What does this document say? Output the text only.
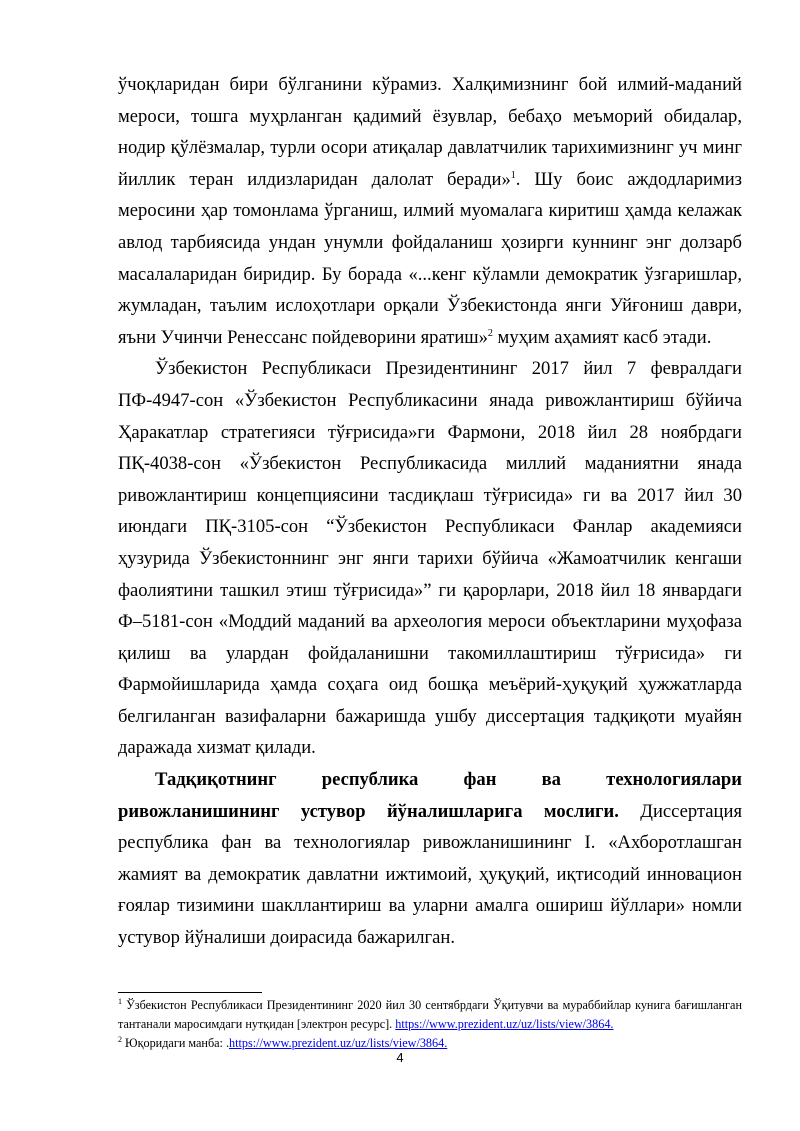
ўчоқларидан бири бўлганини кўрамиз. Халқимизнинг бой илмий-маданий мероси, тошга муҳрланган қадимий ёзувлар, бебаҳо меъморий обидалар, нодир қўлёзмалар, турли осори атиқалар давлатчилик тарихимизнинг уч минг йиллик теран илдизларидан далолат беради»$^1$. Шу боис аждодларимиз меросини ҳар томонлама ўрганиш, илмий муомалага киритиш ҳамда келажак авлод тарбиясида ундан унумли фойдаланиш ҳозирги куннинг энг долзарб масалаларидан биридир. Бу борада «...кенг кўламли демократик ўзгаришлар, жумладан, таълим ислоҳотлари орқали Ўзбекистонда янги Уйғониш даври, яъни Учинчи Ренессанс пойдеворини яратиш»$^2$ муҳим аҳамият касб этади.

Ўзбекистон Республикаси Президентининг 2017 йил 7 февралдаги ПФ-4947-сон «Ўзбекистон Республикасини янада ривожлантириш бўйича Ҳаракатлар стратегияси тўғрисида»ги Фармони, 2018 йил 28 ноябрдаги ПҚ-4038-сон «Ўзбекистон Республикасида миллий маданиятни янада ривожлантириш концепциясини тасдиқлаш тўғрисида» ги ва 2017 йил 30 июндаги ПҚ-3105-сон “Ўзбекистон Республикаси Фанлар академияси ҳузурида Ўзбекистоннинг энг янги тарихи бўйича «Жамоатчилик кенгаши фаолиятини ташкил этиш тўғрисида»” ги қарорлари, 2018 йил 18 январдаги Ф–5181-сон «Моддий маданий ва археология мероси объектларини муҳофаза қилиш ва улардан фойдаланишни такомиллаштириш тўғрисида» ги Фармойишларида ҳамда соҳага оид бошқа меъёрий-ҳуқуқий ҳужжатларда белгиланган вазифаларни бажаришда ушбу диссертация тадқиқоти муайян даражада хизмат қилади.

Тадқиқотнинг республика фан ва технологиялари ривожланишининг устувор йўналишларига мослиги. Диссертация республика фан ва технологиялар ривожланишининг I. «Ахборотлашган жамият ва демократик давлатни ижтимоий, ҳуқуқий, иқтисодий инновацион ғоялар тизимини шакллантириш ва уларни амалга ошириш йўллари» номли устувор йўналиши доирасида бажарилган.

$^1$ Ўзбекистон Республикаси Президентининг 2020 йил 30 сентябрдаги Ўқитувчи ва мураббийлар кунига бағишланган тантанали маросимдаги нутқидан [электрон ресурс]. https://www.prezident.uz/uz/lists/view/3864.

$^2$ Юқоридаги манба: .https://www.prezident.uz/uz/lists/view/3864.

4
